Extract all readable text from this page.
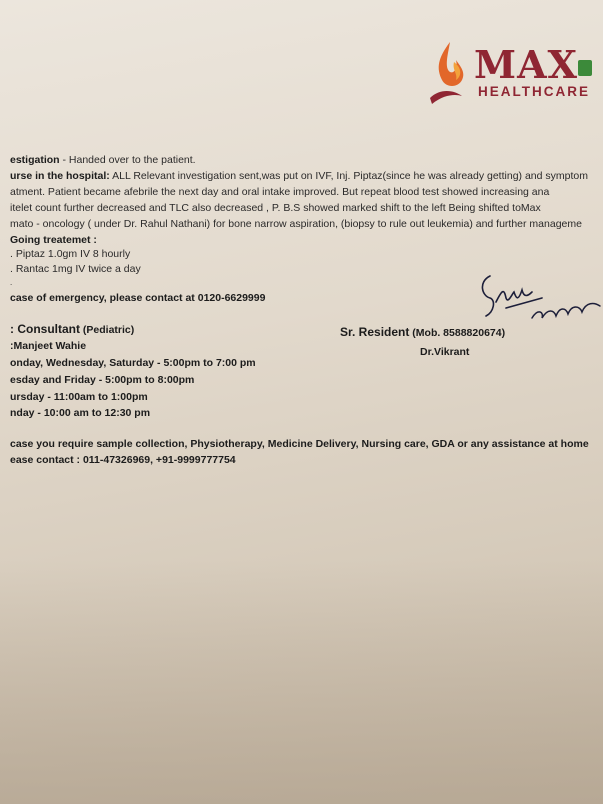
MAX
HEALTHCARE
estigation - Handed over to the patient.
urse in the hospital: ALL Relevant investigation sent,was put on IVF, Inj. Piptaz(since he was already getting) and symptom
atment. Patient became afebrile the next day and oral intake improved. But repeat blood test showed increasing ana
itelet count further decreased and TLC also decreased , P. B.S showed marked shift to the left Being shifted toMax
mato - oncology ( under Dr. Rahul Nathani) for bone narrow aspiration, (biopsy to rule out leukemia) and further manageme
Going treatemet :
. Piptaz 1.0gm IV 8 hourly
. Rantac 1mg IV twice a day
.
case of emergency, please contact at 0120-6629999
: Consultant (Pediatric)
:Manjeet Wahie
onday, Wednesday, Saturday - 5:00pm to 7:00 pm
esday and Friday - 5:00pm to 8:00pm
ursday - 11:00am to 1:00pm
nday - 10:00 am to 12:30 pm
Sr. Resident (Mob. 8588820674)
Dr.Vikrant
case you require sample collection, Physiotherapy, Medicine Delivery, Nursing care, GDA or any assistance at home
ease contact : 011-47326969, +91-9999777754
